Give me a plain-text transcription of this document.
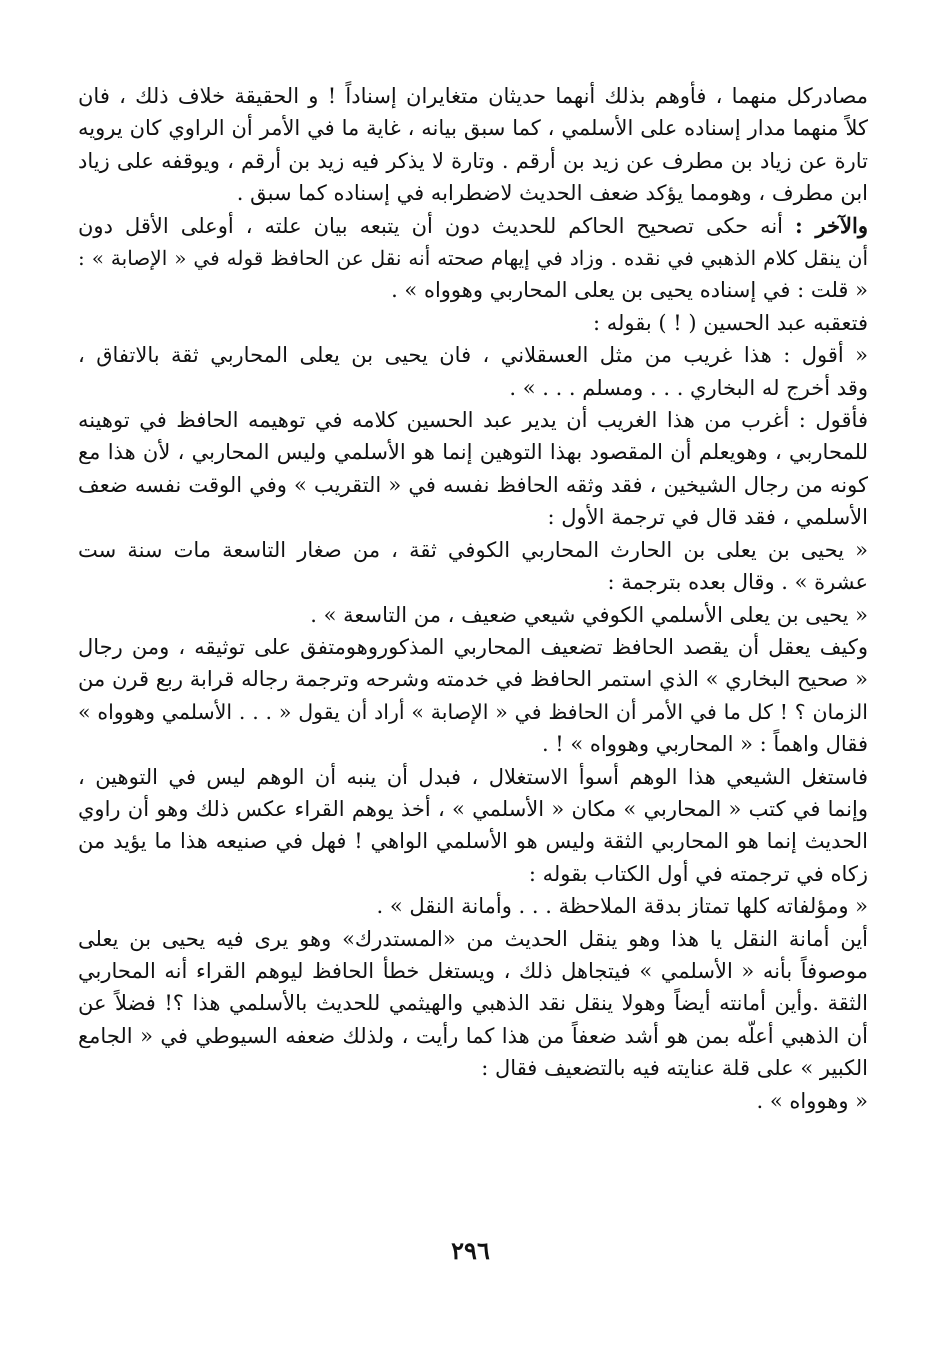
مصادركل منهما ، فأوهم بذلك أنهما حديثان متغايران إسناداً ! و الحقيقة خلاف ذلك ، فان
كلاً منهما مدار إسناده على الأسلمي ، كما سبق بيانه ، غاية ما في الأمر أن الراوي كان يرويه
تارة عن زياد بن مطرف عن زيد بن أرقم . وتارة لا يذكر فيه زيد بن أرقم ، ويوقفه على زياد
ابن مطرف ، وهومما يؤكد ضعف الحديث لاضطرابه في إسناده كما سبق .
والآخر : أنه حكى تصحيح الحاكم للحديث دون أن يتبعه بيان علته ، أوعلى الأقل دون
أن ينقل كلام الذهبي في نقده . وزاد في إيهام صحته أنه نقل عن الحافظ قوله في « الإصابة » :
« قلت : في إسناده يحيى بن يعلى المحاربي وهوواه » .
فتعقبه عبد الحسين ( ! ) بقوله :
« أقول : هذا غريب من مثل العسقلاني ، فان يحيى بن يعلى المحاربي ثقة بالاتفاق ،
وقد أخرج له البخاري . . . ومسلم . . . » .
فأقول : أغرب من هذا الغريب أن يدير عبد الحسين كلامه في توهيمه الحافظ في توهينه
للمحاربي ، وهويعلم أن المقصود بهذا التوهين إنما هو الأسلمي وليس المحاربي ، لأن هذا مع
كونه من رجال الشيخين ، فقد وثقه الحافظ نفسه في « التقريب » وفي الوقت نفسه ضعف
الأسلمي ، فقد قال في ترجمة الأول :
« يحيى بن يعلى بن الحارث المحاربي الكوفي ثقة ، من صغار التاسعة مات سنة ست
عشرة » . وقال بعده بترجمة :
« يحيى بن يعلى الأسلمي الكوفي شيعي ضعيف ، من التاسعة » .
وكيف يعقل أن يقصد الحافظ تضعيف المحاربي المذكوروهومتفق على توثيقه ، ومن رجال
« صحيح البخاري » الذي استمر الحافظ في خدمته وشرحه وترجمة رجاله قرابة ربع قرن من
الزمان ؟ ! كل ما في الأمر أن الحافظ في « الإصابة » أراد أن يقول « . . . الأسلمي وهوواه »
فقال واهماً : « المحاربي وهوواه » ! .
فاستغل الشيعي هذا الوهم أسوأ الاستغلال ، فبدل أن ينبه أن الوهم ليس في التوهين ،
وإنما في كتب « المحاربي » مكان « الأسلمي » ، أخذ يوهم القراء عكس ذلك وهو أن راوي
الحديث إنما هو المحاربي الثقة وليس هو الأسلمي الواهي ! فهل في صنيعه هذا ما يؤيد من
زكاه في ترجمته في أول الكتاب بقوله :
« ومؤلفاته كلها تمتاز بدقة الملاحظة . . . وأمانة النقل » .
أين أمانة النقل يا هذا وهو ينقل الحديث من «المستدرك» وهو يرى فيه يحيى بن يعلى
موصوفاً بأنه « الأسلمي » فيتجاهل ذلك ، ويستغل خطأ الحافظ ليوهم القراء أنه المحاربي
الثقة .وأين أمانته أيضاً وهولا ينقل نقد الذهبي والهيثمي للحديث بالأسلمي هذا ؟! فضلاً عن
أن الذهبي أعلّه بمن هو أشد ضعفاً من هذا كما رأيت ، ولذلك ضعفه السيوطي في « الجامع
الكبير » على قلة عنايته فيه بالتضعيف فقال :
« وهوواه » .
٢٩٦
